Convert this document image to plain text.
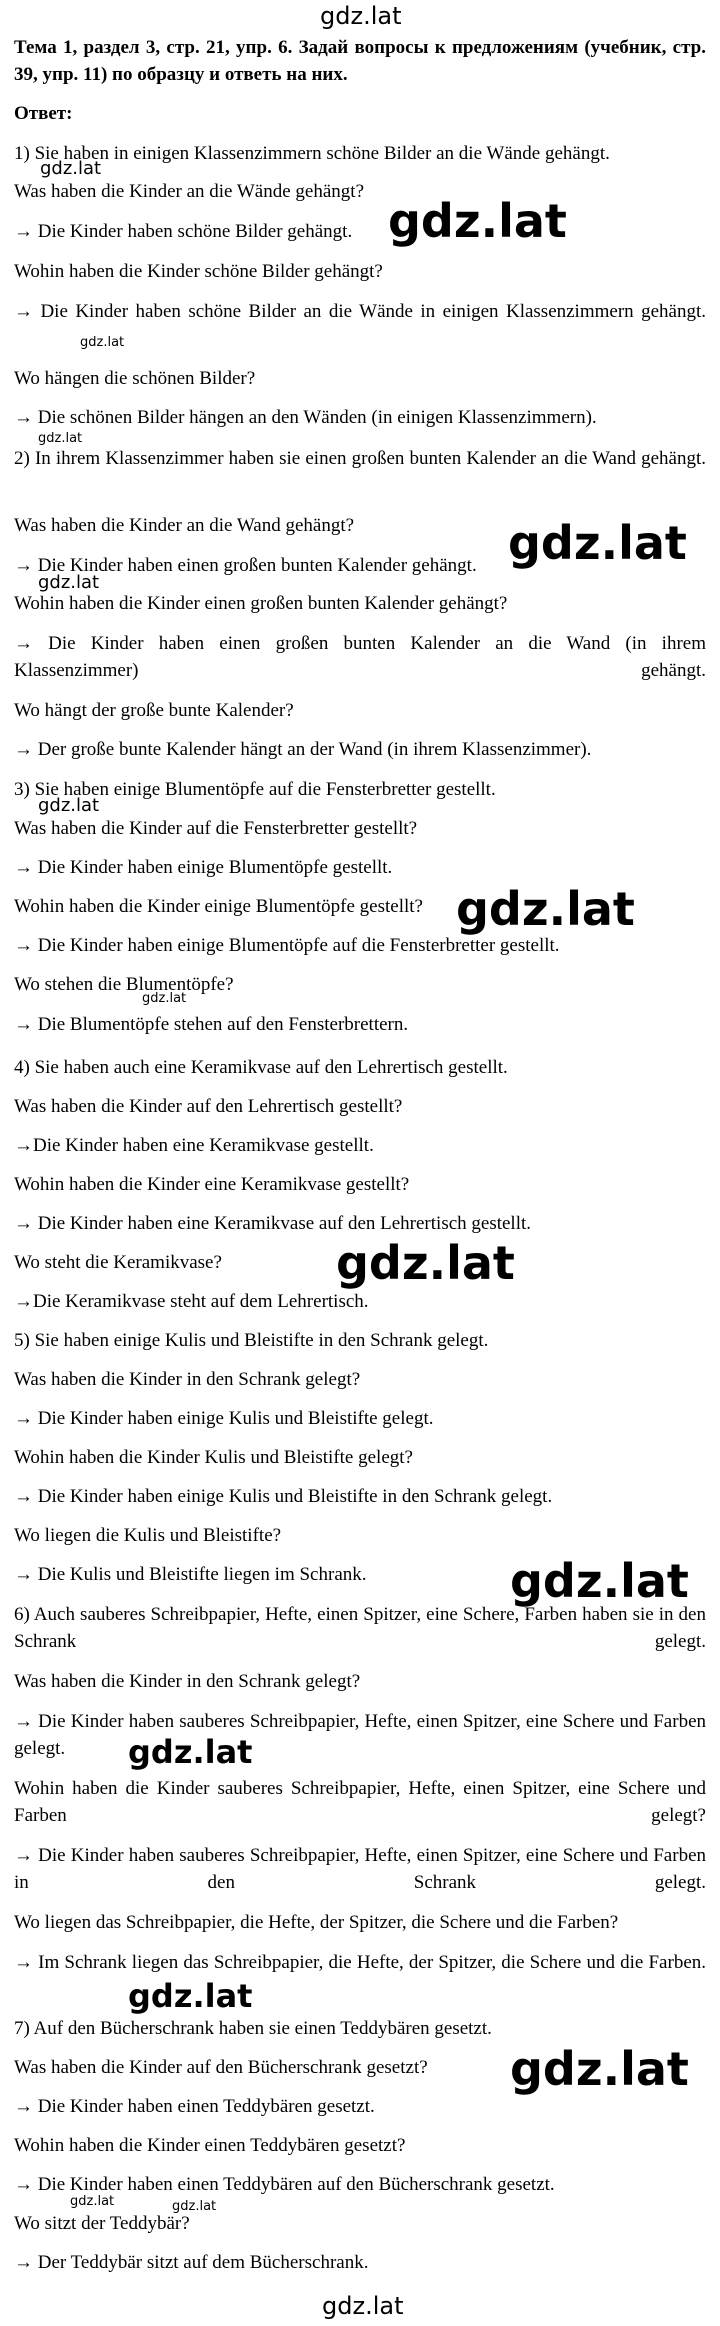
gdz.lat
Тема 1, раздел 3, стр. 21, упр. 6. Задай вопросы к предложениям (учебник, стр. 39, упр. 11) по образцу и ответь на них.
Ответ:
1) Sie haben in einigen Klassenzimmern schöne Bilder an die Wände gehängt.
Was haben die Kinder an die Wände gehängt?
→ Die Kinder haben schöne Bilder gehängt.
Wohin haben die Kinder schöne Bilder gehängt?
→ Die Kinder haben schöne Bilder an die Wände in einigen Klassenzimmern gehängt.
Wo hängen die schönen Bilder?
→ Die schönen Bilder hängen an den Wänden (in einigen Klassenzimmern).
2) In ihrem Klassenzimmer haben sie einen großen bunten Kalender an die Wand gehängt.
Was haben die Kinder an die Wand gehängt?
→ Die Kinder haben einen großen bunten Kalender gehängt.
Wohin haben die Kinder einen großen bunten Kalender gehängt?
→ Die Kinder haben einen großen bunten Kalender an die Wand (in ihrem Klassenzimmer) gehängt.
Wo hängt der große bunte Kalender?
→ Der große bunte Kalender hängt an der Wand (in ihrem Klassenzimmer).
3) Sie haben einige Blumentöpfe auf die Fensterbretter gestellt.
Was haben die Kinder auf die Fensterbretter gestellt?
→ Die Kinder haben einige Blumentöpfe gestellt.
Wohin haben die Kinder einige Blumentöpfe gestellt?
→ Die Kinder haben einige Blumentöpfe auf die Fensterbretter gestellt.
Wo stehen die Blumentöpfe?
→ Die Blumentöpfe stehen auf den Fensterbrettern.
4) Sie haben auch eine Keramikvase auf den Lehrertisch gestellt.
Was haben die Kinder auf den Lehrertisch gestellt?
→Die Kinder haben eine Keramikvase gestellt.
Wohin haben die Kinder eine Keramikvase gestellt?
→ Die Kinder haben eine Keramikvase auf den Lehrertisch gestellt.
Wo steht die Keramikvase?
→Die Keramikvase steht auf dem Lehrertisch.
5) Sie haben einige Kulis und Bleistifte in den Schrank gelegt.
Was haben die Kinder in den Schrank gelegt?
→ Die Kinder haben einige Kulis und Bleistifte gelegt.
Wohin haben die Kinder Kulis und Bleistifte gelegt?
→ Die Kinder haben einige Kulis und Bleistifte in den Schrank gelegt.
Wo liegen die Kulis und Bleistifte?
→ Die Kulis und Bleistifte liegen im Schrank.
6) Auch sauberes Schreibpapier, Hefte, einen Spitzer, eine Schere, Farben haben sie in den Schrank gelegt.
Was haben die Kinder in den Schrank gelegt?
→ Die Kinder haben sauberes Schreibpapier, Hefte, einen Spitzer, eine Schere und Farben gelegt.
Wohin haben die Kinder sauberes Schreibpapier, Hefte, einen Spitzer, eine Schere und Farben gelegt?
→ Die Kinder haben sauberes Schreibpapier, Hefte, einen Spitzer, eine Schere und Farben in den Schrank gelegt.
Wo liegen das Schreibpapier, die Hefte, der Spitzer, die Schere und die Farben?
→ Im Schrank liegen das Schreibpapier, die Hefte, der Spitzer, die Schere und die Farben.
7) Auf den Bücherschrank haben sie einen Teddybären gesetzt.
Was haben die Kinder auf den Bücherschrank gesetzt?
→ Die Kinder haben einen Teddybären gesetzt.
Wohin haben die Kinder einen Teddybären gesetzt?
→ Die Kinder haben einen Teddybären auf den Bücherschrank gesetzt.
Wo sitzt der Teddybär?
→ Der Teddybär sitzt auf dem Bücherschrank.
gdz.lat
gdz.lat
gdz.lat
gdz.lat
gdz.lat
gdz.lat
gdz.lat
gdz.lat
gdz.lat
gdz.lat
gdz.lat
gdz.lat
gdz.lat
gdz.lat
gdz.lat	gdz.lat
gdz.lat
